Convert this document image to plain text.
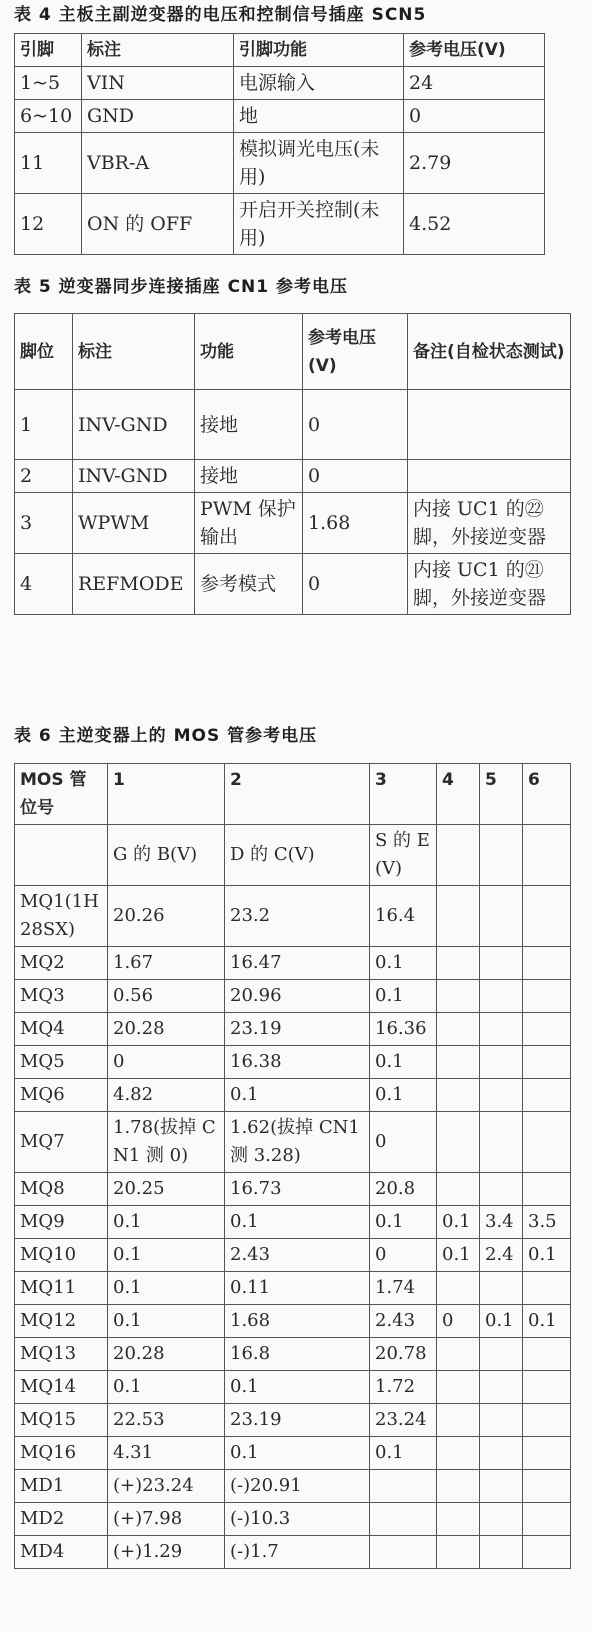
表 4 主板主副逆变器的电压和控制信号插座 SCN5
引脚	标注	引脚功能	参考电压(V)
1~5	VIN	电源输入	24
6~10	GND	地	0
11	VBR-A	模拟调光电压(未用)	2.79
12	ON 的 OFF	开启开关控制(未用)	4.52
表 5 逆变器同步连接插座 CN1 参考电压
脚位	标注	功能	参考电压(V)	备注(自检状态测试)
1	INV-GND	接地	0	
2	INV-GND	接地	0	
3	WPWM	PWM 保护输出	1.68	内接 UC1 的㉒脚，外接逆变器
4	REFMODE	参考模式	0	内接 UC1 的㉑脚，外接逆变器
表 6 主逆变器上的 MOS 管参考电压
MOS 管位号	1	2	3	4	5	6
	G 的 B(V)	D 的 C(V)	S 的 E(V)			
MQ1(1H28SX)	20.26	23.2	16.4			
MQ2	1.67	16.47	0.1			
MQ3	0.56	20.96	0.1			
MQ4	20.28	23.19	16.36			
MQ5	0	16.38	0.1			
MQ6	4.82	0.1	0.1			
MQ7	1.78(拔掉 CN1 测 0)	1.62(拔掉 CN1 测 3.28)	0			
MQ8	20.25	16.73	20.8			
MQ9	0.1	0.1	0.1	0.1	3.4	3.5
MQ10	0.1	2.43	0	0.1	2.4	0.1
MQ11	0.1	0.11	1.74			
MQ12	0.1	1.68	2.43	0	0.1	0.1
MQ13	20.28	16.8	20.78			
MQ14	0.1	0.1	1.72			
MQ15	22.53	23.19	23.24			
MQ16	4.31	0.1	0.1			
MD1	(+)23.24	(-)20.91				
MD2	(+)7.98	(-)10.3				
MD4	(+)1.29	(-)1.7				
